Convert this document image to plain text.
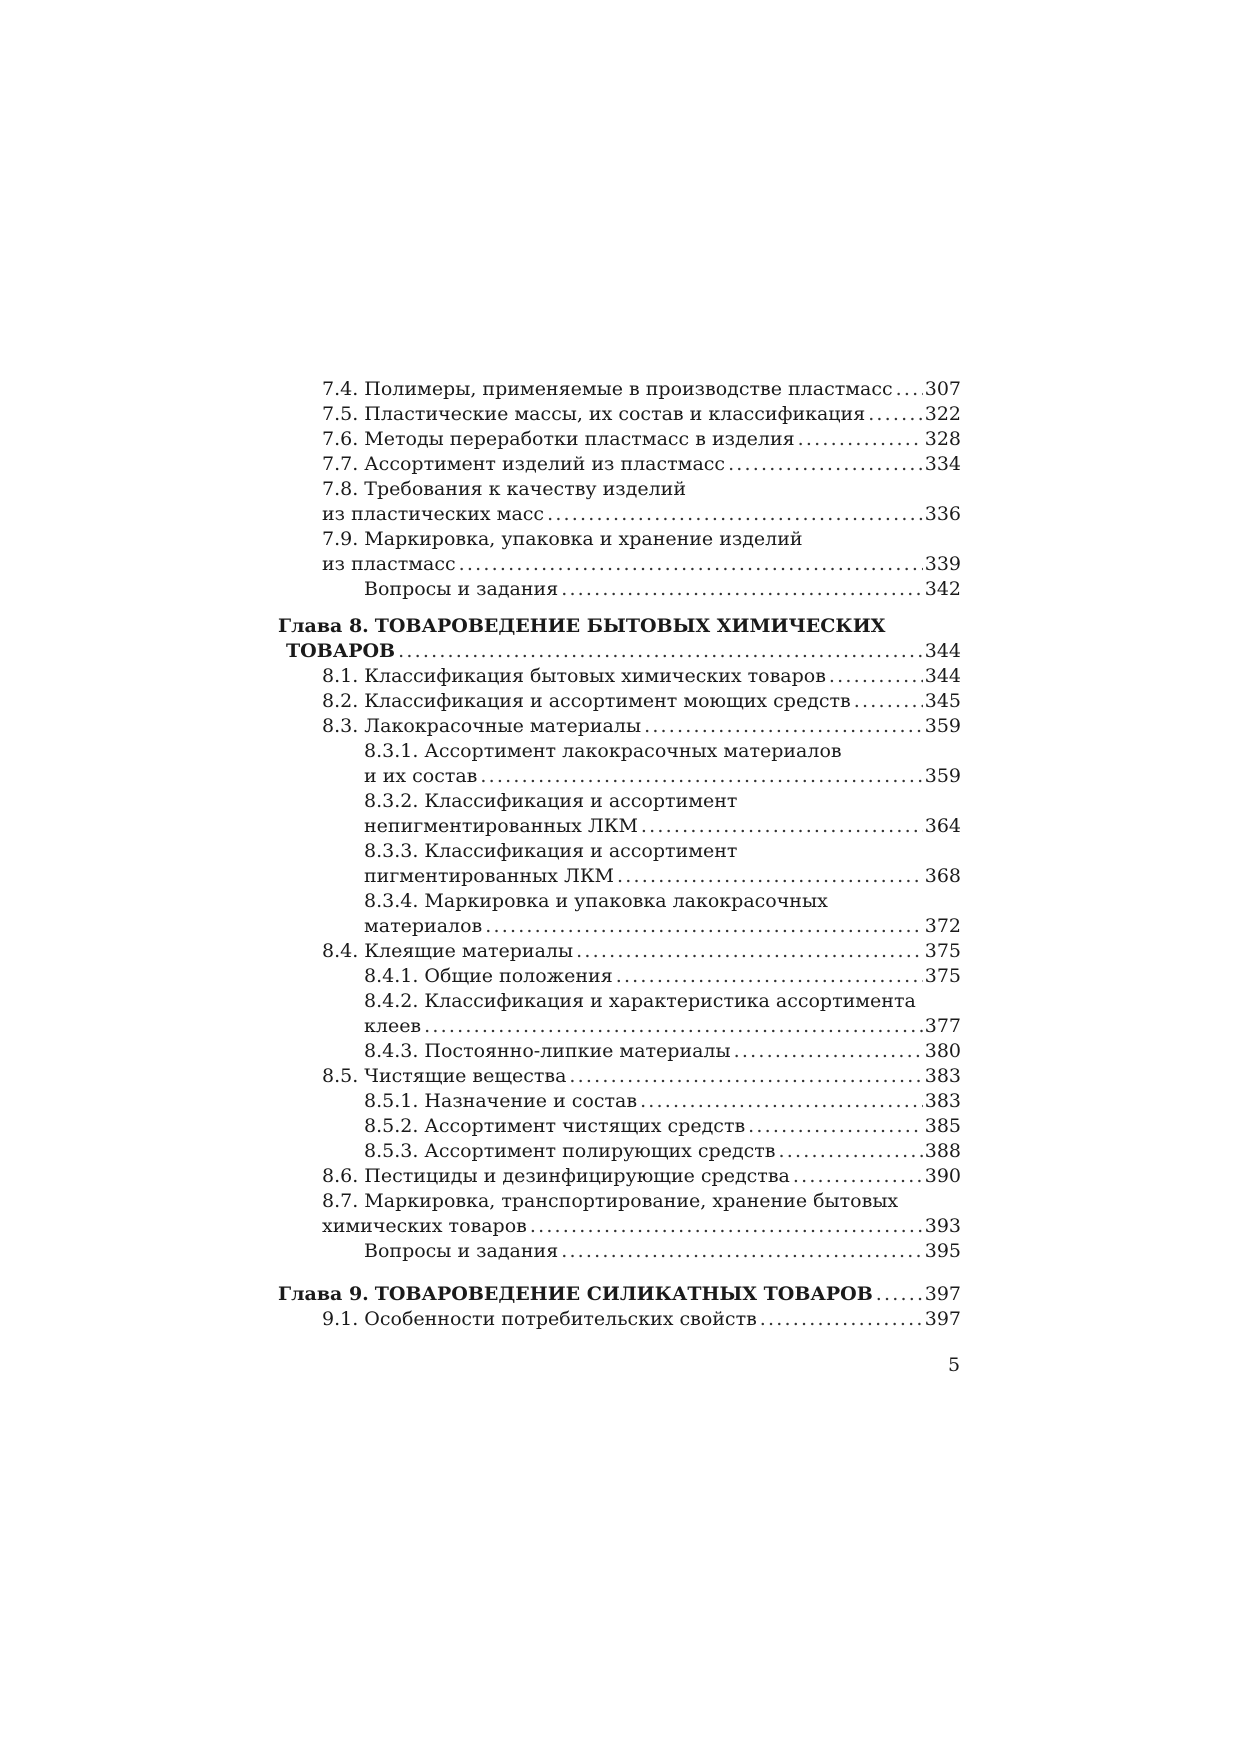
7.4. Полимеры, применяемые в производстве пластмасс ..... 307
7.5. Пластические массы, их состав и классификация .....	322
7.6. Методы переработки пластмасс в изделия .....	328
7.7. Ассортимент изделий из пластмасс .....	334
7.8. Требования к качеству изделий
из пластических масс .....	336
7.9. Маркировка, упаковка и хранение изделий
из пластмасс .....	339
Вопросы и задания .....	342
Глава 8. ТОВАРОВЕДЕНИЕ БЫТОВЫХ ХИМИЧЕСКИХ
ТОВАРОВ .....	344
8.1. Классификация бытовых химических товаров .....	344
8.2. Классификация и ассортимент моющих средств .....	345
8.3. Лакокрасочные материалы .....	359
8.3.1. Ассортимент лакокрасочных материалов
и их состав .....	359
8.3.2. Классификация и ассортимент
непигментированных ЛКМ .....	364
8.3.3. Классификация и ассортимент
пигментированных ЛКМ .....	368
8.3.4. Маркировка и упаковка лакокрасочных
материалов .....	372
8.4. Клеящие материалы .....	375
8.4.1. Общие положения .....	375
8.4.2. Классификация и характеристика ассортимента
клеев .....	377
8.4.3. Постоянно-липкие материалы .....	380
8.5. Чистящие вещества .....	383
8.5.1. Назначение и состав .....	383
8.5.2. Ассортимент чистящих средств .....	385
8.5.3. Ассортимент полирующих средств .....	388
8.6. Пестициды и дезинфицирующие средства .....	390
8.7. Маркировка, транспортирование, хранение бытовых
химических товаров .....	393
Вопросы и задания .....	395
Глава 9. ТОВАРОВЕДЕНИЕ СИЛИКАТНЫХ ТОВАРОВ .....	397
9.1. Особенности потребительских свойств .....	397
5
